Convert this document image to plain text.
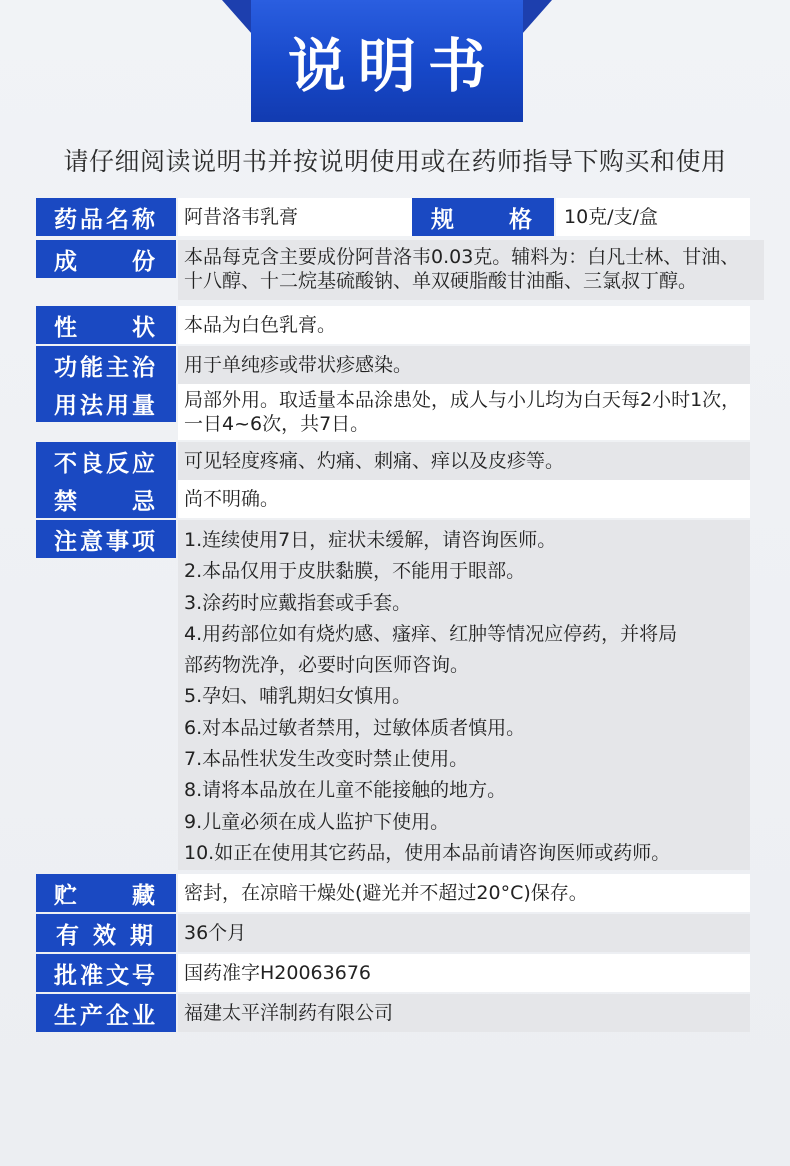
说明书
请仔细阅读说明书并按说明使用或在药师指导下购买和使用
药品名称	阿昔洛韦乳膏	规　　格	10克/支/盒
成　　份	本品每克含主要成份阿昔洛韦0.03克。辅料为：白凡士林、甘油、十八醇、十二烷基硫酸钠、单双硬脂酸甘油酯、三氯叔丁醇。
性　　状	本品为白色乳膏。
功能主治	用于单纯疹或带状疹感染。
用法用量	局部外用。取适量本品涂患处，成人与小儿均为白天每2小时1次，一日4~6次，共7日。
不良反应	可见轻度疼痛、灼痛、刺痛、痒以及皮疹等。
禁　　忌	尚不明确。
注意事项	1.连续使用7日，症状未缓解，请咨询医师。
2.本品仅用于皮肤黏膜，不能用于眼部。
3.涂药时应戴指套或手套。
4.用药部位如有烧灼感、瘙痒、红肿等情况应停药，并将局
部药物洗净，必要时向医师咨询。
5.孕妇、哺乳期妇女慎用。
6.对本品过敏者禁用，过敏体质者慎用。
7.本品性状发生改变时禁止使用。
8.请将本品放在儿童不能接触的地方。
9.儿童必须在成人监护下使用。
10.如正在使用其它药品，使用本品前请咨询医师或药师。
贮　　藏	密封，在凉暗干燥处(避光并不超过20°C)保存。
有 效 期	36个月
批准文号	国药准字H20063676
生产企业	福建太平洋制药有限公司
